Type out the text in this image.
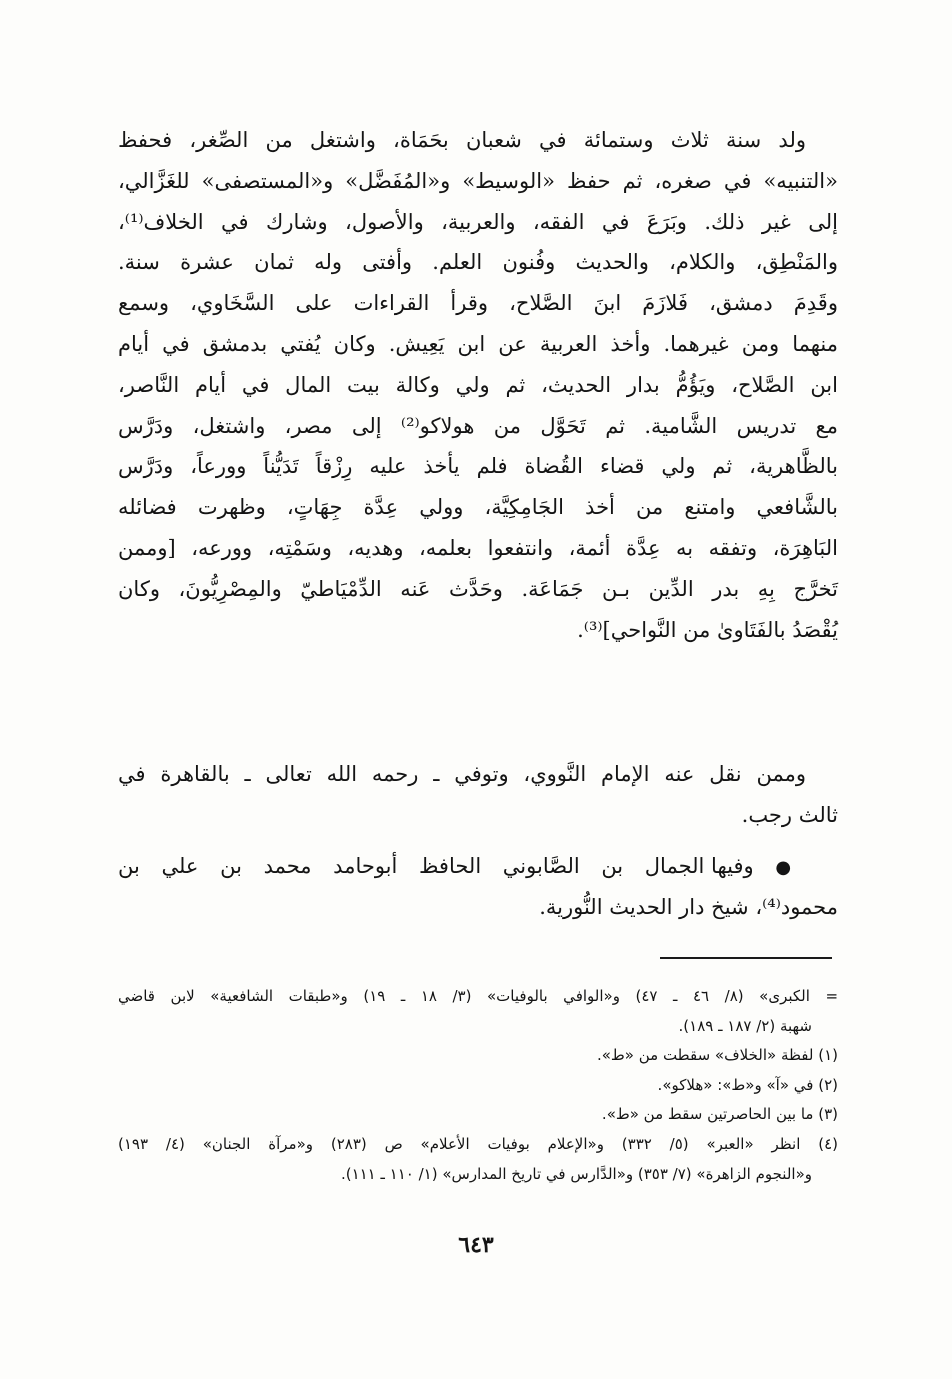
ولد سنة ثلاث وستمائة في شعبان بحَمَاة، واشتغل من الصِّغر، فحفظ
«التنبيه» في صغره، ثم حفظ «الوسيط» و«المُفَضَّل» و«المستصفى» للغَزَّالي،
إلى غير ذلك. وبَرَعَ في الفقه، والعربية، والأصول، وشارك في الخلاف⁽¹⁾،
والمَنْطِق، والكلام، والحديث وفُنون العلم. وأفتى وله ثمان عشرة سنة.
وقَدِمَ دمشق، فَلازَمَ ابنَ الصَّلاح، وقرأ القراءات على السَّخَاوي، وسمع
منهما ومن غيرهما. وأخذ العربية عن ابن يَعِيش. وكان يُفتي بدمشق في أيام
ابن الصَّلاح، ويَؤُمُّ بدار الحديث، ثم ولي وكالة بيت المال في أيام النَّاصر،
مع تدريس الشَّامية. ثم تَحَوَّل من هولاكو⁽²⁾ إلى مصر، واشتغل، ودَرَّس
بالظَّاهرية، ثم ولي قضاء القُضاة فلم يأخذ عليه رِزْقاً تَدَيُّناً وورعاً، ودَرَّس
بالشَّافعي وامتنع من أخذ الجَامِكِيَّة، وولي عِدَّة جِهَاتٍ، وظهرت فضائله
البَاهِرَة، وتفقه به عِدَّة أئمة، وانتفعوا بعلمه، وهديه، وسَمْتِه، وورعه، [وممن
تَخرَّج بِهِ بدر الدِّين بـن جَمَاعَة. وحَدَّث عَنه الدِّمْيَاطيّ والمِصْرِيُّونَ، وكان
يُقْصَدُ بالفَتَاوىٰ من النَّواحي]⁽³⁾.
وممن نقل عنه الإمام النَّووي، وتوفي ـ رحمه الله تعالى ـ بالقاهرة في
ثالث رجب.
● وفيها الجمال بن الصَّابوني الحافظ أبوحامد محمد بن علي بن
محمود⁽⁴⁾، شيخ دار الحديث النُّورية.
= الكبرى» (٨/ ٤٦ ـ ٤٧) و«الوافي بالوفيات» (٣/ ١٨ ـ ١٩) و«طبقات الشافعية» لابن قاضي
شهبة (٢/ ١٨٧ ـ ١٨٩).
(١) لفظة «الخلاف» سقطت من «ط».
(٢) في «آ» و«ط»: «هلاكو».
(٣) ما بين الحاصرتين سقط من «ط».
(٤) انظر «العبر» (٥/ ٣٣٢) و«الإعلام بوفيات الأعلام» ص (٢٨٣) و«مرآة الجنان» (٤/ ١٩٣)
و«النجوم الزاهرة» (٧/ ٣٥٣) و«الدَّارس في تاريخ المدارس» (١/ ١١٠ ـ ١١١).
٦٤٣
